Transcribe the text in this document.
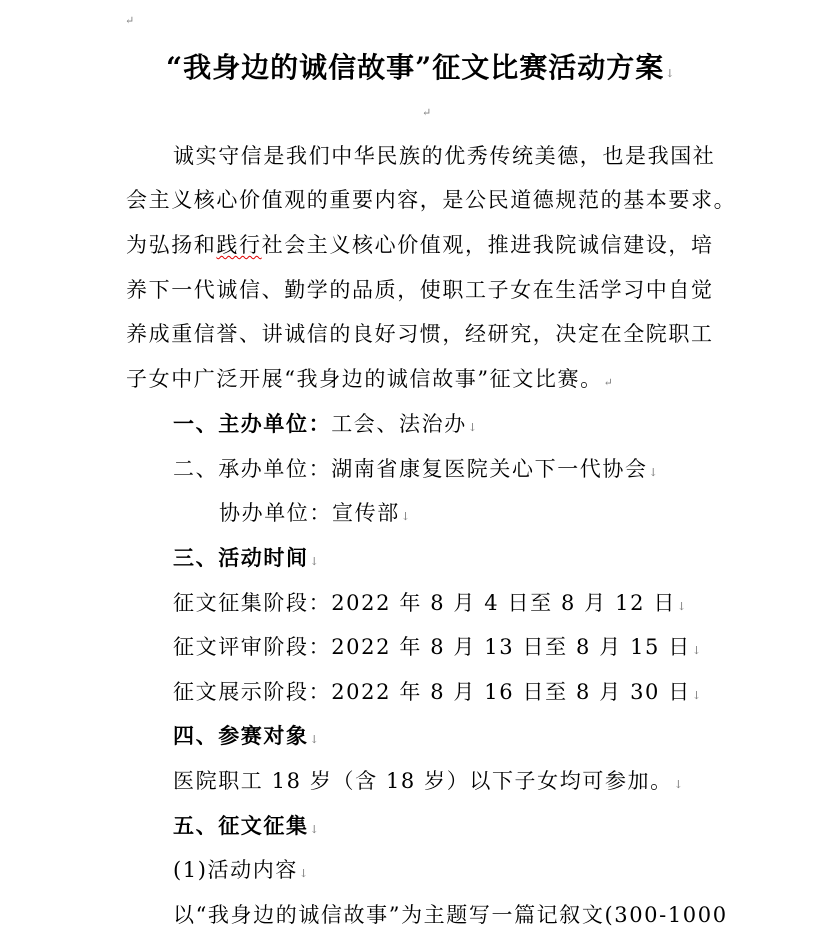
↵
“我身边的诚信故事”征文比赛活动方案↓
↵
诚实守信是我们中华民族的优秀传统美德，也是我国社
会主义核心价值观的重要内容，是公民道德规范的基本要求。
为弘扬和践行社会主义核心价值观，推进我院诚信建设，培
养下一代诚信、勤学的品质，使职工子女在生活学习中自觉
养成重信誉、讲诚信的良好习惯，经研究，决定在全院职工
子女中广泛开展“我身边的诚信故事”征文比赛。↵
一、主办单位：工会、法治办↓
二、承办单位：湖南省康复医院关心下一代协会↓
协办单位：宣传部↓
三、活动时间↓
征文征集阶段：2022 年 8 月 4 日至 8 月 12 日↓
征文评审阶段：2022 年 8 月 13 日至 8 月 15 日↓
征文展示阶段：2022 年 8 月 16 日至 8 月 30 日↓
四、参赛对象↓
医院职工 18 岁（含 18 岁）以下子女均可参加。↓
五、征文征集↓
(1)活动内容↓
以“我身边的诚信故事”为主题写一篇记叙文(300-1000
